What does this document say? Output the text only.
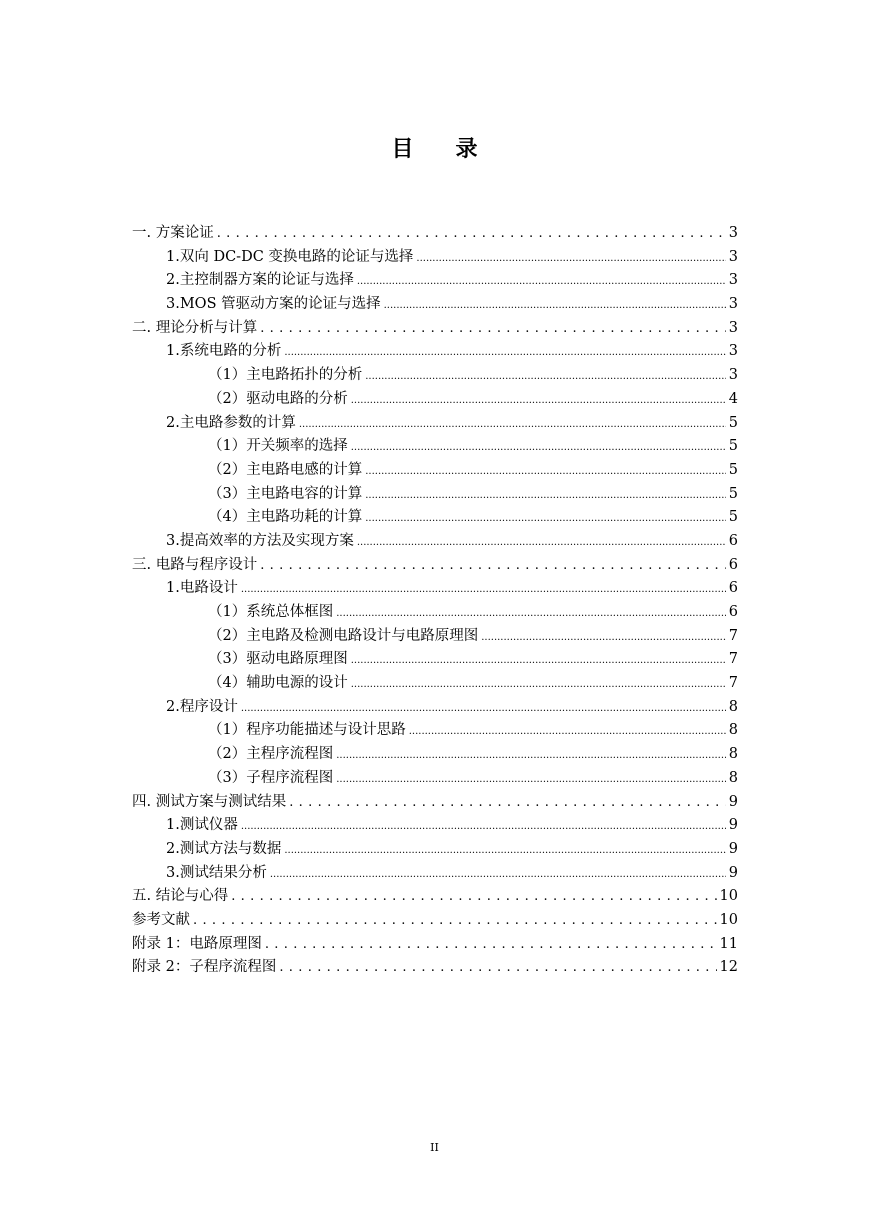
目 录
一. 方案论证 . . .	3
1.双向 DC-DC 变换电路的论证与选择 .....	3
2.主控制器方案的论证与选择 .....	3
3.MOS 管驱动方案的论证与选择 .....	3
二. 理论分析与计算 . . .	3
1.系统电路的分析 .....	3
（1）主电路拓扑的分析 .....	3
（2）驱动电路的分析 .....	4
2.主电路参数的计算 .....	5
（1）开关频率的选择 .....	5
（2）主电路电感的计算 .....	5
（3）主电路电容的计算 .....	5
（4）主电路功耗的计算 .....	5
3.提高效率的方法及实现方案 .....	6
三. 电路与程序设计 . . .	6
1.电路设计 .....	6
（1）系统总体框图 .....	6
（2）主电路及检测电路设计与电路原理图 .....	7
（3）驱动电路原理图 .....	7
（4）辅助电源的设计 .....	7
2.程序设计 .....	8
（1）程序功能描述与设计思路 .....	8
（2）主程序流程图 .....	8
（3）子程序流程图 .....	8
四. 测试方案与测试结果 . . .	9
1.测试仪器 .....	9
2.测试方法与数据 .....	9
3.测试结果分析 .....	9
五. 结论与心得 . . .	10
参考文献 . . .	10
附录 1：电路原理图 . . .	11
附录 2：子程序流程图 . . .	12
II
